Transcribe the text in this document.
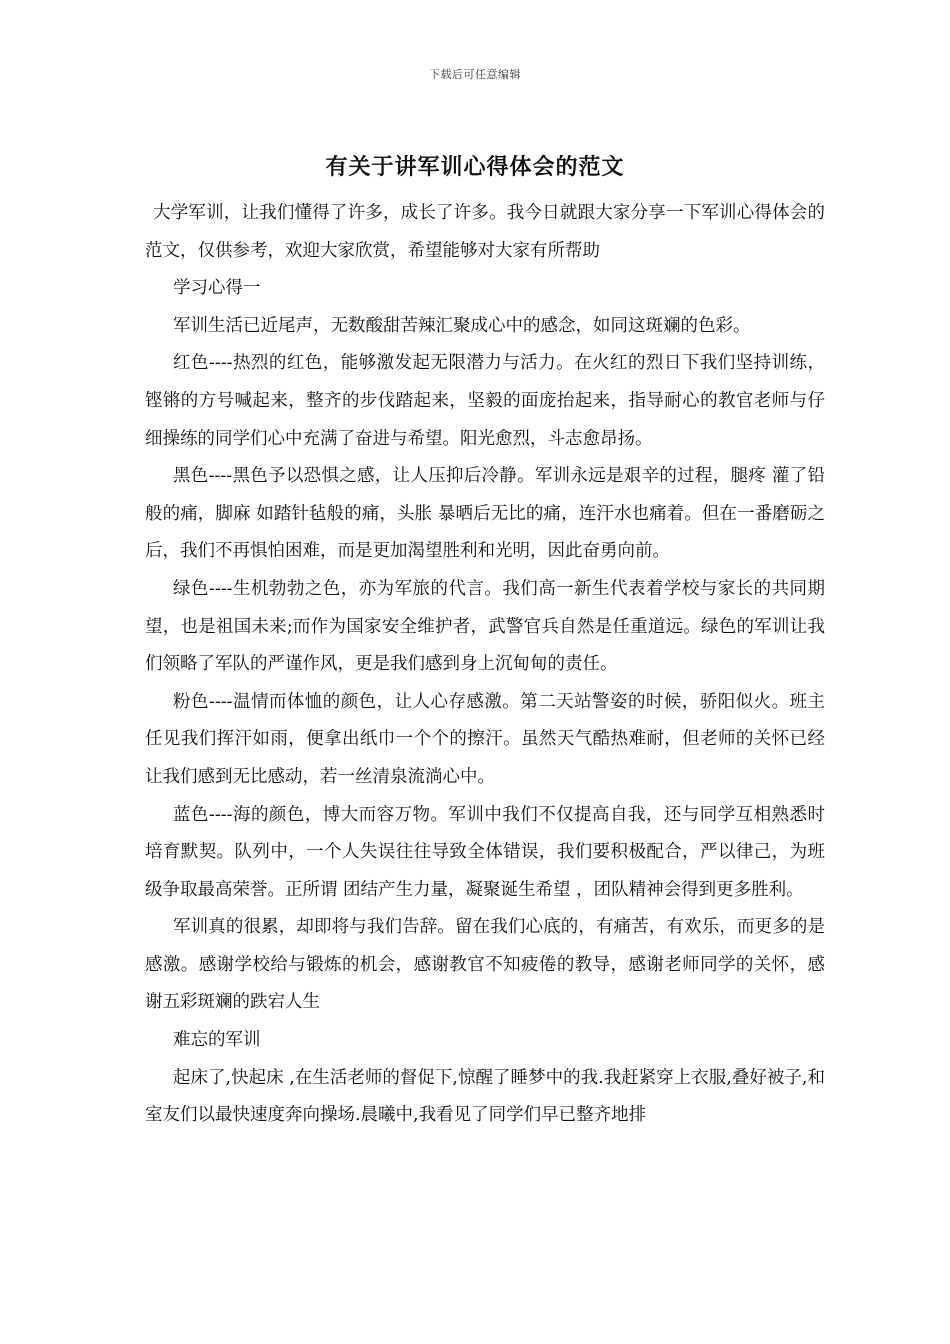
下载后可任意编辑
有关于讲军训心得体会的范文

大学军训，让我们懂得了许多，成长了许多。我今日就跟大家分享一下军训心得体会的范文，仅供参考，欢迎大家欣赏，希望能够对大家有所帮助

学习心得一

军训生活已近尾声，无数酸甜苦辣汇聚成心中的感念，如同这斑斓的色彩。

红色----热烈的红色，能够激发起无限潜力与活力。在火红的烈日下我们坚持训练，铿锵的方号喊起来，整齐的步伐踏起来，坚毅的面庞抬起来，指导耐心的教官老师与仔细操练的同学们心中充满了奋进与希望。阳光愈烈，斗志愈昂扬。

黑色----黑色予以恐惧之感，让人压抑后冷静。军训永远是艰辛的过程，腿疼 灌了铅般的痛，脚麻 如踏针毡般的痛，头胀 暴晒后无比的痛，连汗水也痛着。但在一番磨砺之后，我们不再惧怕困难，而是更加渴望胜利和光明，因此奋勇向前。

绿色----生机勃勃之色，亦为军旅的代言。我们高一新生代表着学校与家长的共同期望，也是祖国未来;而作为国家安全维护者，武警官兵自然是任重道远。绿色的军训让我们领略了军队的严谨作风，更是我们感到身上沉甸甸的责任。

粉色----温情而体恤的颜色，让人心存感激。第二天站警姿的时候，骄阳似火。班主任见我们挥汗如雨，便拿出纸巾一个个的擦汗。虽然天气酷热难耐，但老师的关怀已经让我们感到无比感动，若一丝清泉流淌心中。

蓝色----海的颜色，博大而容万物。军训中我们不仅提高自我，还与同学互相熟悉时培育默契。队列中，一个人失误往往导致全体错误，我们要积极配合，严以律己，为班级争取最高荣誉。正所谓 团结产生力量，凝聚诞生希望 ，团队精神会得到更多胜利。

军训真的很累，却即将与我们告辞。留在我们心底的，有痛苦，有欢乐，而更多的是感激。感谢学校给与锻炼的机会，感谢教官不知疲倦的教导，感谢老师同学的关怀，感谢五彩斑斓的跌宕人生

难忘的军训

起床了,快起床 ,在生活老师的督促下,惊醒了睡梦中的我.我赶紧穿上衣服,叠好被子,和室友们以最快速度奔向操场.晨曦中,我看见了同学们早已整齐地排
